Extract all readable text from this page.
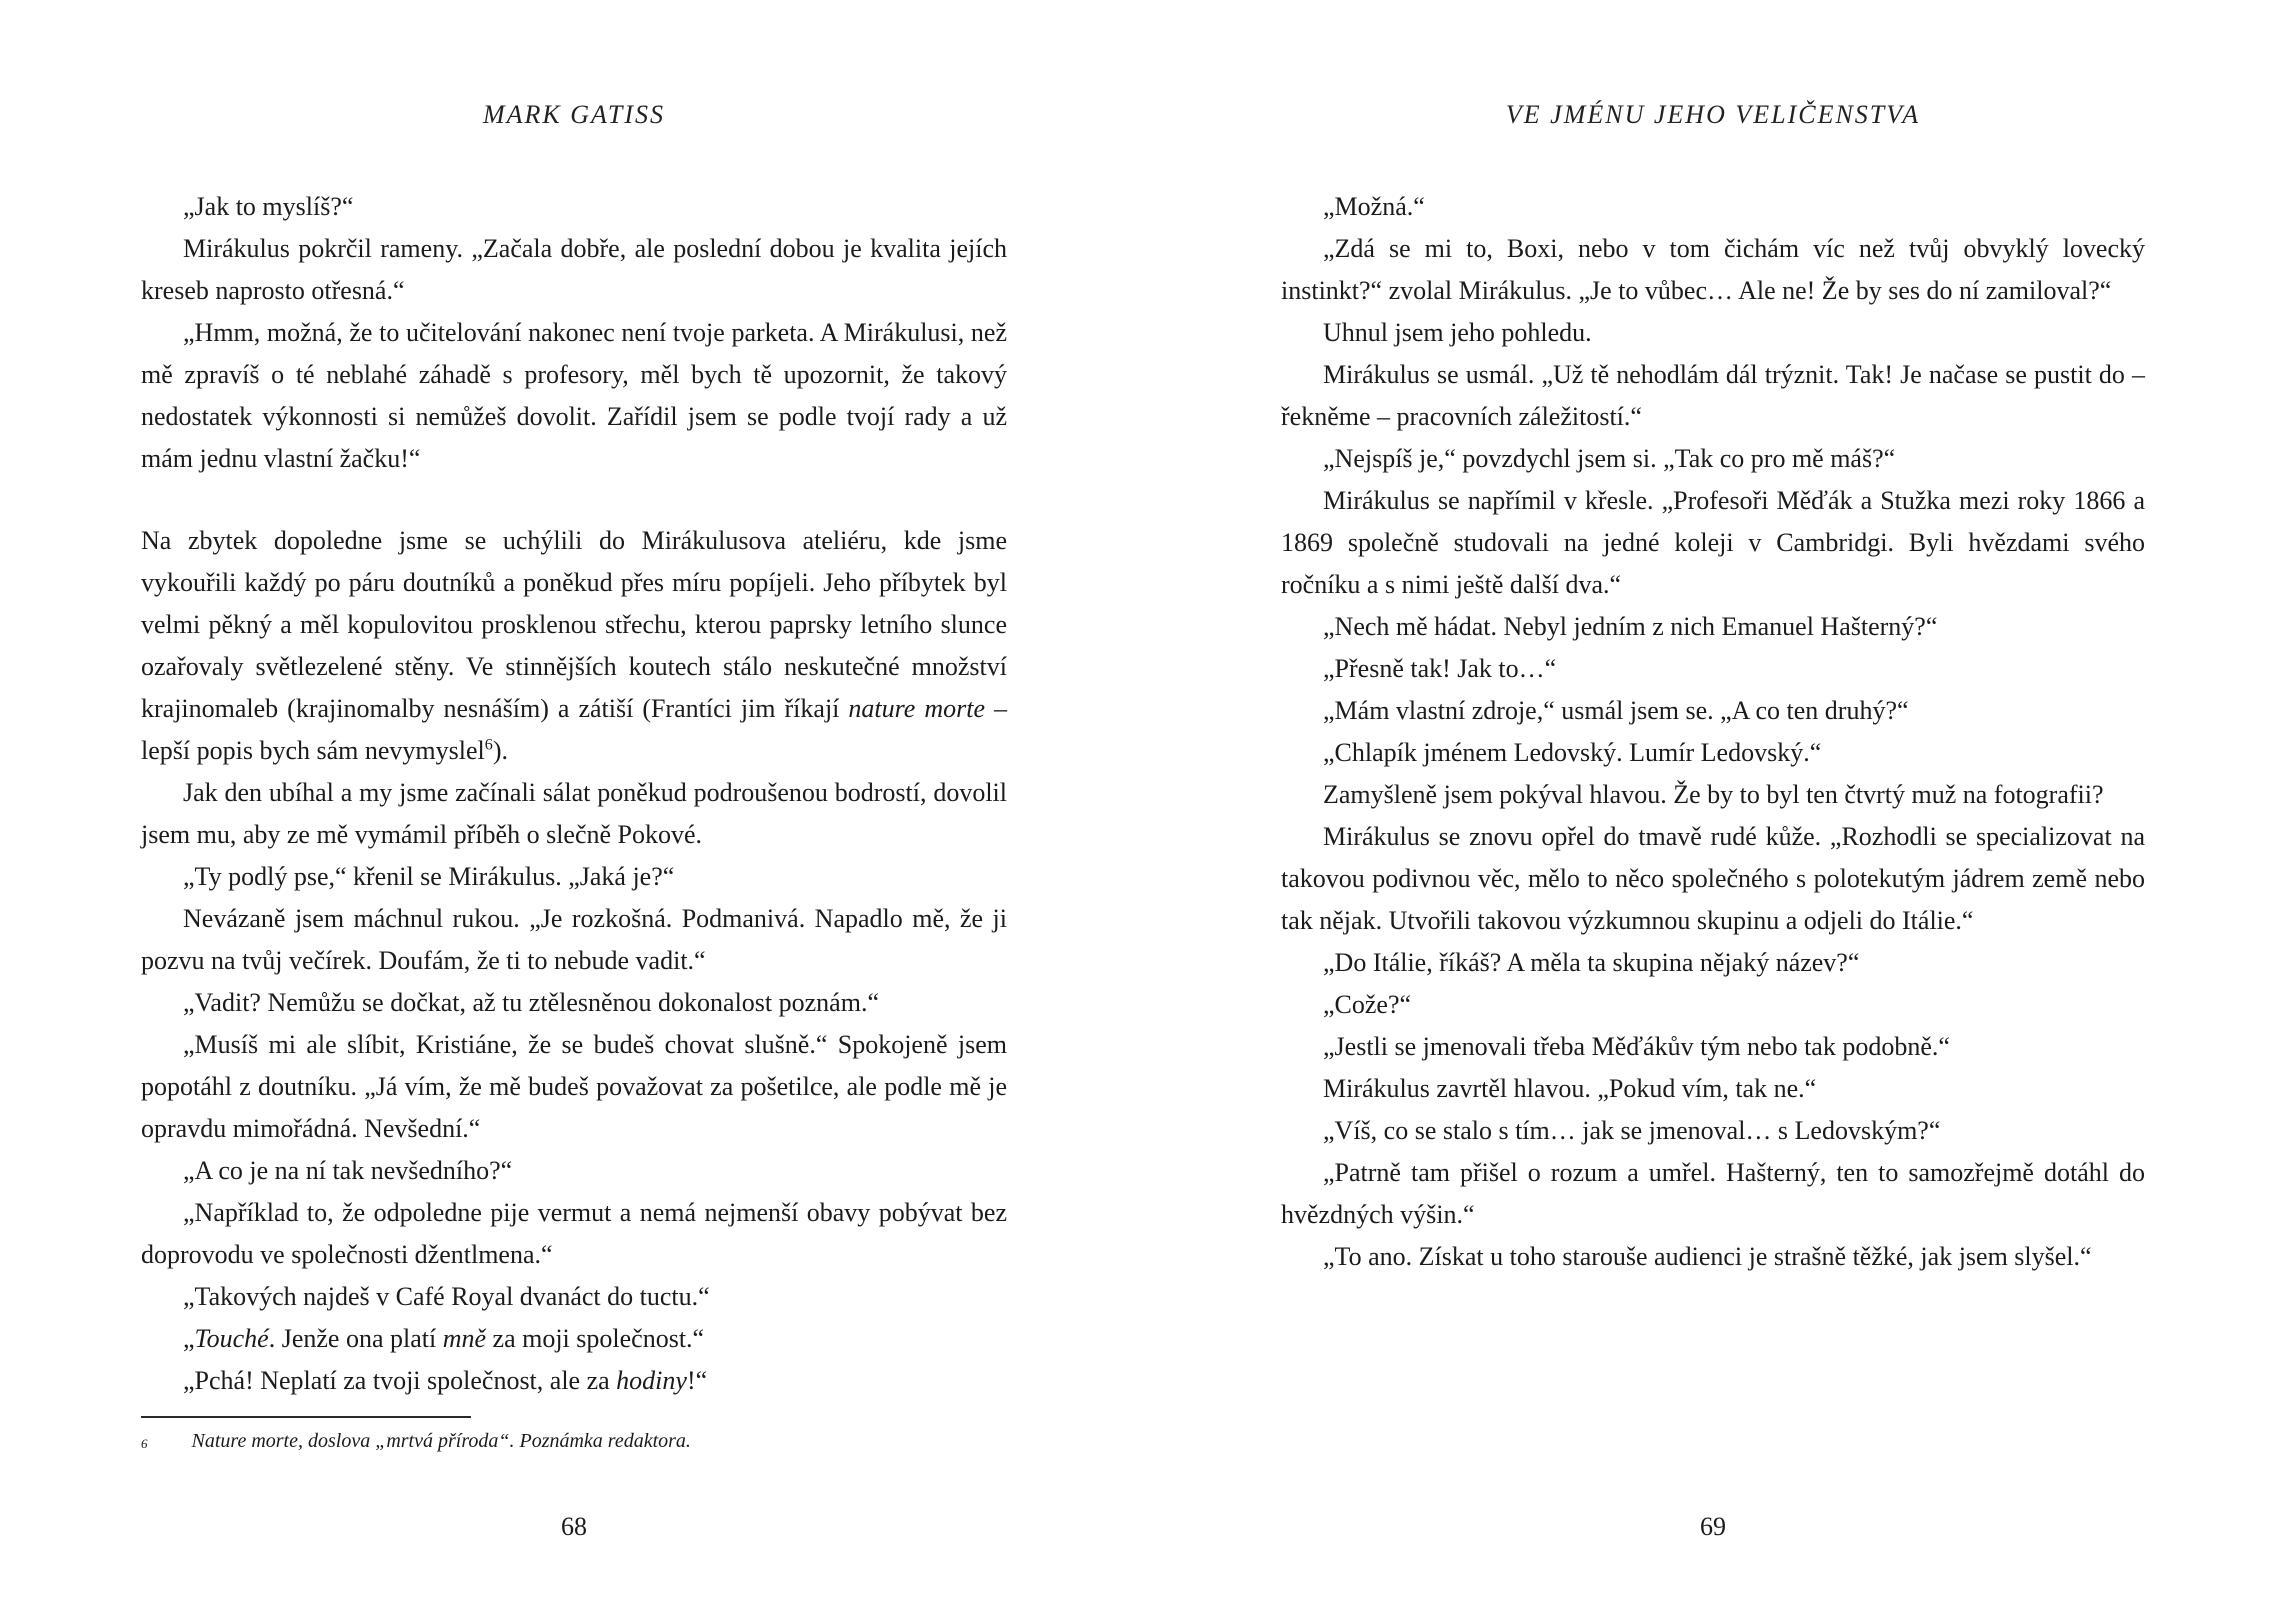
MARK GATISS

„Jak to myslíš?“

Mirákulus pokrčil rameny. „Začala dobře, ale poslední dobou je kvalita jejích kreseb naprosto otřesná.“

„Hmm, možná, že to učitelování nakonec není tvoje parketa. A Mirákulusi, než mě zpravíš o té neblahé záhadě s profesory, měl bych tě upozornit, že takový nedostatek výkonnosti si nemůžeš dovolit. Zařídil jsem se podle tvojí rady a už mám jednu vlastní žačku!“

Na zbytek dopoledne jsme se uchýlili do Mirákulusova ateliéru, kde jsme vykouřili každý po páru doutníků a poněkud přes míru popíjeli. Jeho příbytek byl velmi pěkný a měl kopulovitou prosklenou střechu, kterou paprsky letního slunce ozařovaly světlezelené stěny. Ve stinnějších koutech stálo neskutečné množství krajinomaleb (krajinomalby nesnáším) a zátiší (Frantíci jim říkají nature morte – lepší popis bych sám nevymyslel$^6$).

Jak den ubíhal a my jsme začínali sálat poněkud podroušenou bodrostí, dovolil jsem mu, aby ze mě vymámil příběh o slečně Pokové.

„Ty podlý pse,“ křenil se Mirákulus. „Jaká je?“

Nevázaně jsem máchnul rukou. „Je rozkošná. Podmanivá. Napadlo mě, že ji pozvu na tvůj večírek. Doufám, že ti to nebude vadit.“

„Vadit? Nemůžu se dočkat, až tu ztělesněnou dokonalost poznám.“

„Musíš mi ale slíbit, Kristiáne, že se budeš chovat slušně.“ Spokojeně jsem popotáhl z doutníku. „Já vím, že mě budeš považovat za pošetilce, ale podle mě je opravdu mimořádná. Nevšední.“

„A co je na ní tak nevšedního?“

„Například to, že odpoledne pije vermut a nemá nejmenší obavy pobývat bez doprovodu ve společnosti džentlmena.“

„Takových najdeš v Café Royal dvanáct do tuctu.“

„Touché. Jenže ona platí mně za moji společnost.“

„Pchá! Neplatí za tvoji společnost, ale za hodiny!“

6 Nature morte, doslova „mrtvá příroda“. Poznámka redaktora.
68
VE JMÉNU JEHO VELIČENSTVA

„Možná.“

„Zdá se mi to, Boxi, nebo v tom čichám víc než tvůj obvyklý lovecký instinkt?“ zvolal Mirákulus. „Je to vůbec… Ale ne! Že by ses do ní zamiloval?“

Uhnul jsem jeho pohledu.

Mirákulus se usmál. „Už tě nehodlám dál trýznit. Tak! Je načase se pustit do – řekněme – pracovních záležitostí.“

„Nejspíš je,“ povzdychl jsem si. „Tak co pro mě máš?“

Mirákulus se napřímil v křesle. „Profesoři Měďák a Stužka mezi roky 1866 a 1869 společně studovali na jedné koleji v Cambridgi. Byli hvězdami svého ročníku a s nimi ještě další dva.“

„Nech mě hádat. Nebyl jedním z nich Emanuel Hašterný?“

„Přesně tak! Jak to…“

„Mám vlastní zdroje,“ usmál jsem se. „A co ten druhý?“

„Chlapík jménem Ledovský. Lumír Ledovský.“

Zamyšleně jsem pokýval hlavou. Že by to byl ten čtvrtý muž na fotografii?

Mirákulus se znovu opřel do tmavě rudé kůže. „Rozhodli se specializovat na takovou podivnou věc, mělo to něco společného s polotekutým jádrem země nebo tak nějak. Utvořili takovou výzkumnou skupinu a odjeli do Itálie.“

„Do Itálie, říkáš? A měla ta skupina nějaký název?“

„Cože?“

„Jestli se jmenovali třeba Měďákův tým nebo tak podobně.“

Mirákulus zavrtěl hlavou. „Pokud vím, tak ne.“

„Víš, co se stalo s tím… jak se jmenoval… s Ledovským?“

„Patrně tam přišel o rozum a umřel. Hašterný, ten to samozřejmě dotáhl do hvězdných výšin.“

„To ano. Získat u toho starouše audienci je strašně těžké, jak jsem slyšel.“

69
